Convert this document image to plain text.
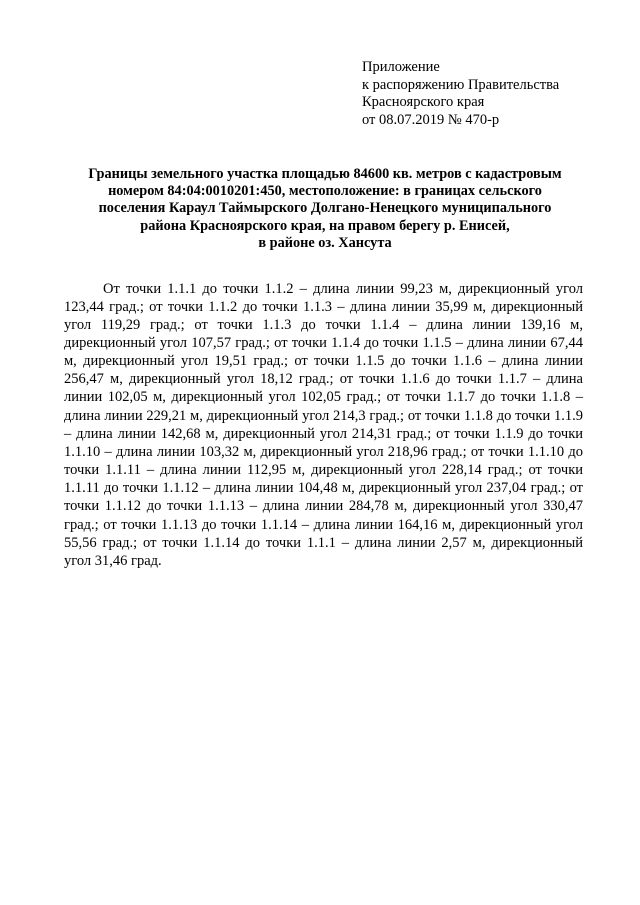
Приложение
к распоряжению Правительства
Красноярского края
от 08.07.2019 № 470-р
Границы земельного участка площадью 84600 кв. метров с кадастровым
номером 84:04:0010201:450, местоположение: в границах сельского
поселения Караул Таймырского Долгано-Ненецкого муниципального
района Красноярского края, на правом берегу р. Енисей,
в районе оз. Хансута

От точки 1.1.1 до точки 1.1.2 – длина линии 99,23 м, дирекционный угол 123,44 град.; от точки 1.1.2 до точки 1.1.3 – длина линии 35,99 м, дирекционный угол 119,29 град.; от точки 1.1.3 до точки 1.1.4 – длина линии 139,16 м, дирекционный угол 107,57 град.; от точки 1.1.4 до точки 1.1.5 – длина линии 67,44 м, дирекционный угол 19,51 град.; от точки 1.1.5 до точки 1.1.6 – длина линии 256,47 м, дирекционный угол 18,12 град.; от точки 1.1.6 до точки 1.1.7 – длина линии 102,05 м, дирекционный угол 102,05 град.; от точки 1.1.7 до точки 1.1.8 – длина линии 229,21 м, дирекционный угол 214,3 град.; от точки 1.1.8 до точки 1.1.9 – длина линии 142,68 м, дирекционный угол 214,31 град.; от точки 1.1.9 до точки 1.1.10 – длина линии 103,32 м, дирекционный угол 218,96 град.; от точки 1.1.10 до точки 1.1.11 – длина линии 112,95 м, дирекционный угол 228,14 град.; от точки 1.1.11 до точки 1.1.12 – длина линии 104,48 м, дирекционный угол 237,04 град.; от точки 1.1.12 до точки 1.1.13 – длина линии 284,78 м, дирекционный угол 330,47 град.; от точки 1.1.13 до точки 1.1.14 – длина линии 164,16 м, дирекционный угол 55,56 град.; от точки 1.1.14 до точки 1.1.1 – длина линии 2,57 м, дирекционный угол 31,46 град.
